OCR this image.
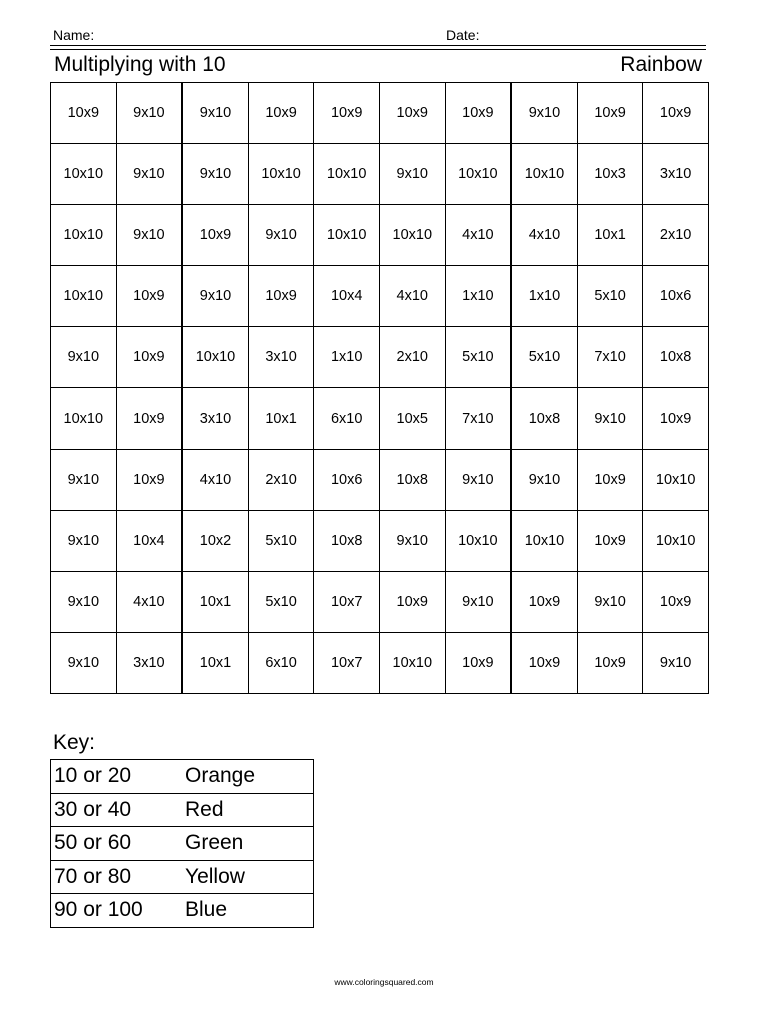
Name:	Date:
Multiplying with 10	Rainbow
10x9	9x10	9x10	10x9	10x9	10x9	10x9	9x10	10x9	10x9
10x10	9x10	9x10	10x10	10x10	9x10	10x10	10x10	10x3	3x10
10x10	9x10	10x9	9x10	10x10	10x10	4x10	4x10	10x1	2x10
10x10	10x9	9x10	10x9	10x4	4x10	1x10	1x10	5x10	10x6
9x10	10x9	10x10	3x10	1x10	2x10	5x10	5x10	7x10	10x8
10x10	10x9	3x10	10x1	6x10	10x5	7x10	10x8	9x10	10x9
9x10	10x9	4x10	2x10	10x6	10x8	9x10	9x10	10x9	10x10
9x10	10x4	10x2	5x10	10x8	9x10	10x10	10x10	10x9	10x10
9x10	4x10	10x1	5x10	10x7	10x9	9x10	10x9	9x10	10x9
9x10	3x10	10x1	6x10	10x7	10x10	10x9	10x9	10x9	9x10
Key:
10 or 20	Orange
30 or 40	Red
50 or 60	Green
70 or 80	Yellow
90 or 100	Blue
www.coloringsquared.com
